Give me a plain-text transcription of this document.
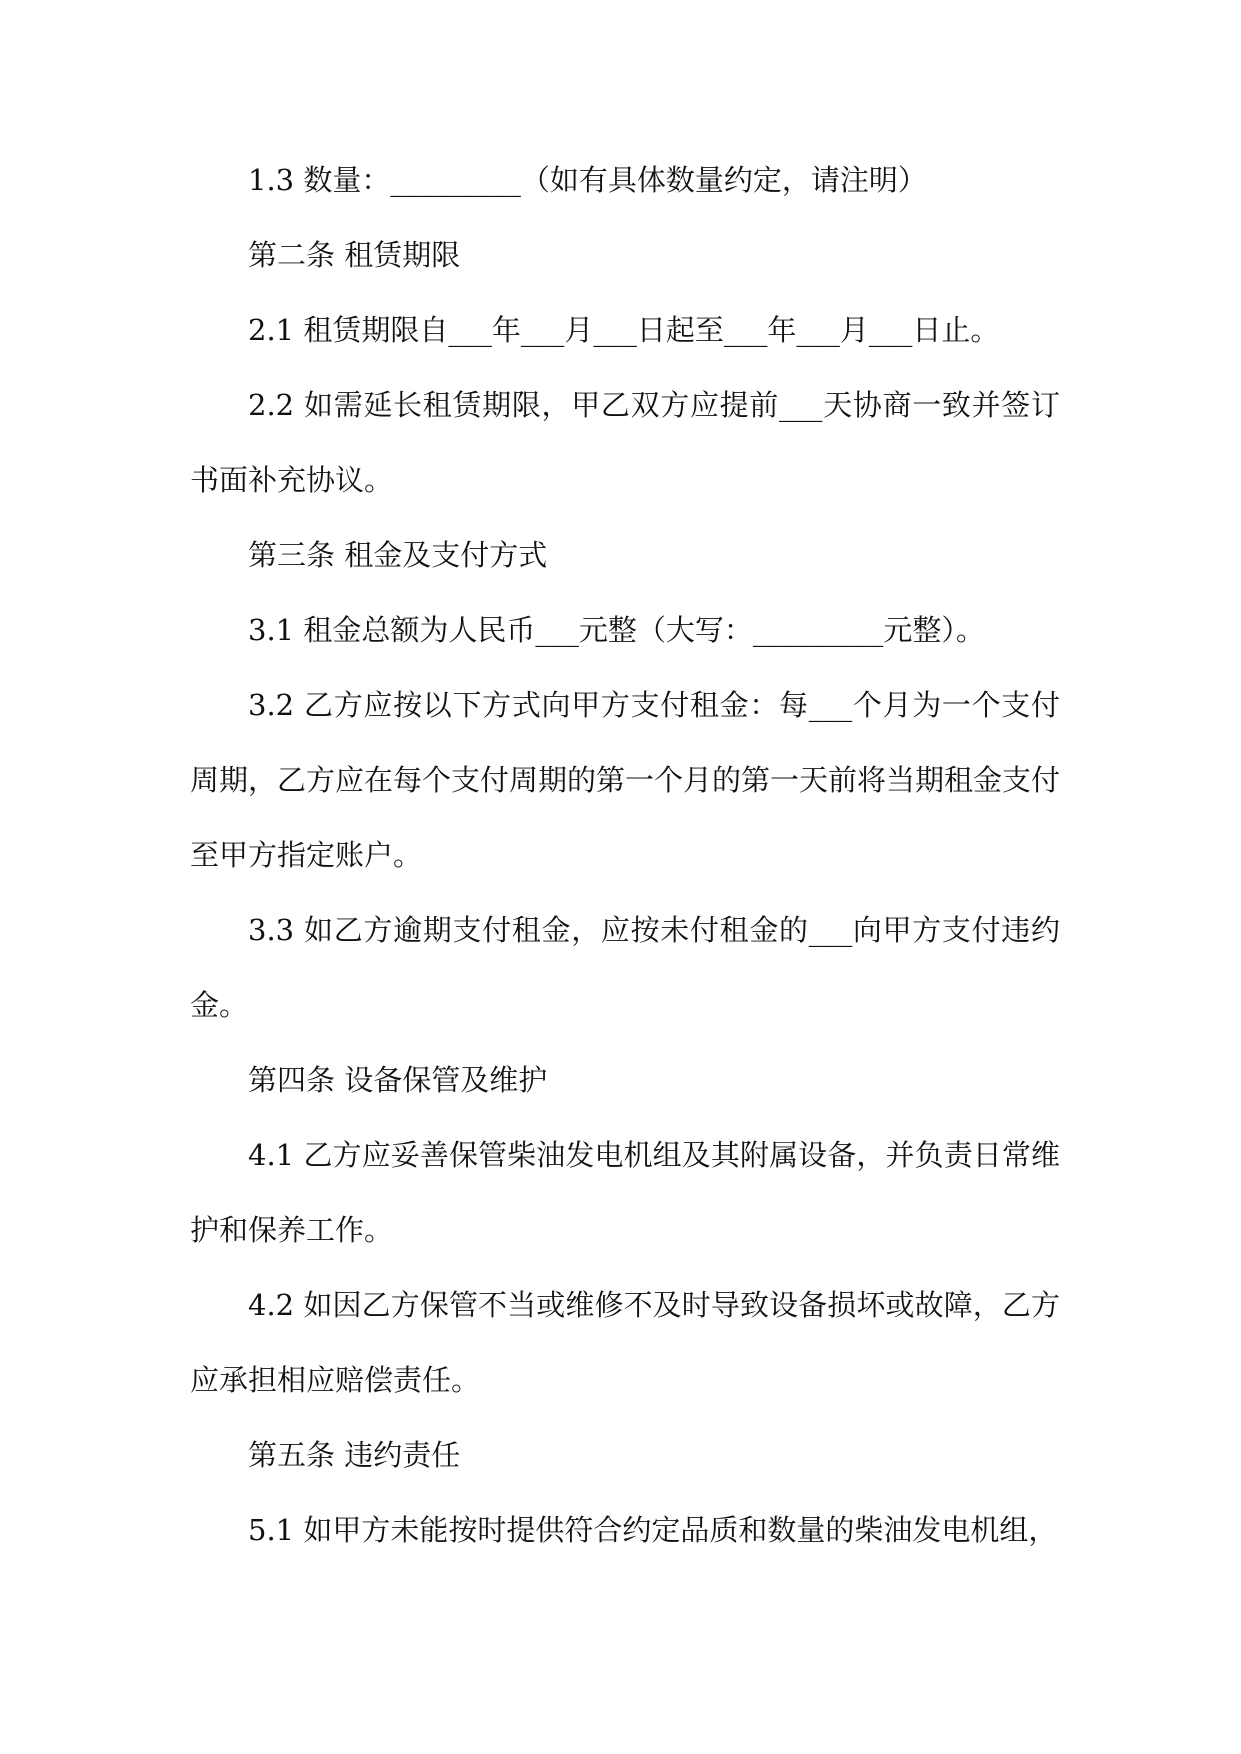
1.3 数量：_________（如有具体数量约定，请注明）

第二条 租赁期限

2.1 租赁期限自___年___月___日起至___年___月___日止。

2.2 如需延长租赁期限，甲乙双方应提前___天协商一致并签订书面补充协议。

第三条 租金及支付方式

3.1 租金总额为人民币___元整（大写：_________元整）。

3.2 乙方应按以下方式向甲方支付租金：每___个月为一个支付周期，乙方应在每个支付周期的第一个月的第一天前将当期租金支付至甲方指定账户。

3.3 如乙方逾期支付租金，应按未付租金的___向甲方支付违约金。

第四条 设备保管及维护

4.1 乙方应妥善保管柴油发电机组及其附属设备，并负责日常维护和保养工作。

4.2 如因乙方保管不当或维修不及时导致设备损坏或故障，乙方应承担相应赔偿责任。

第五条 违约责任

5.1 如甲方未能按时提供符合约定品质和数量的柴油发电机组，
